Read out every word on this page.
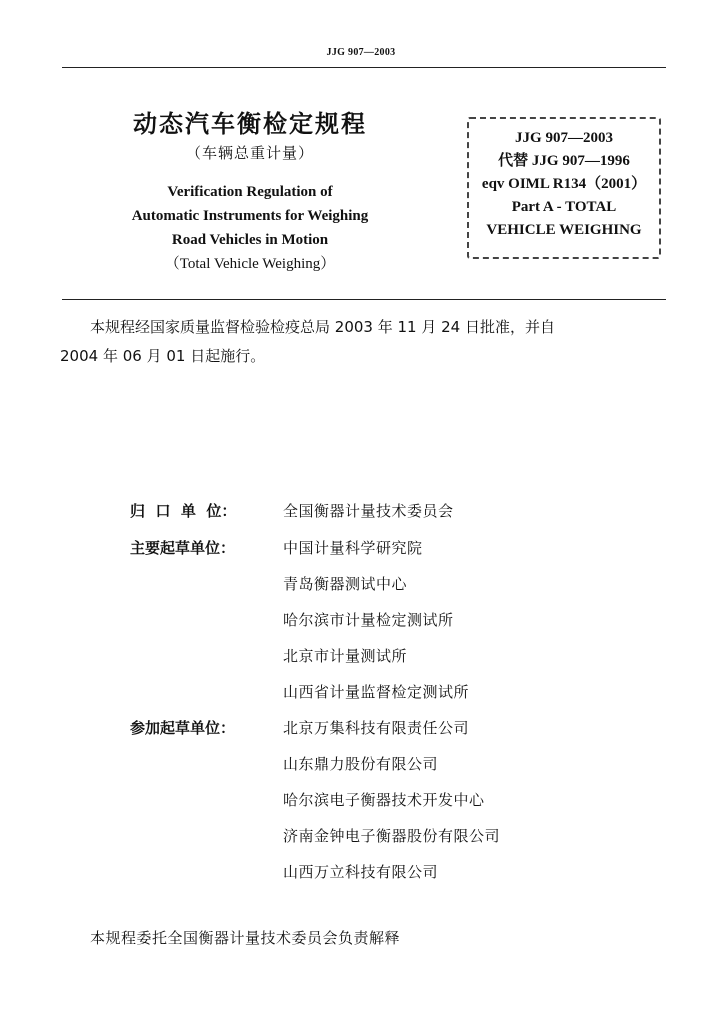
JJG 907—2003
动态汽车衡检定规程
（车辆总重计量）
Verification Regulation of
Automatic Instruments for Weighing
Road Vehicles in Motion
（Total Vehicle Weighing）
JJG 907—2003
代替 JJG 907—1996
eqv OIML R134（2001）
Part A - TOTAL
VEHICLE WEIGHING

本规程经国家质量监督检验检疫总局 2003 年 11 月 24 日批准，并自

2004 年 06 月 01 日起施行。
归  口  单  位：	全国衡器计量技术委员会
主要起草单位：	中国计量科学研究院
青岛衡器测试中心
哈尔滨市计量检定测试所
北京市计量测试所
山西省计量监督检定测试所
参加起草单位：	北京万集科技有限责任公司
山东鼎力股份有限公司
哈尔滨电子衡器技术开发中心
济南金钟电子衡器股份有限公司
山西万立科技有限公司
本规程委托全国衡器计量技术委员会负责解释
